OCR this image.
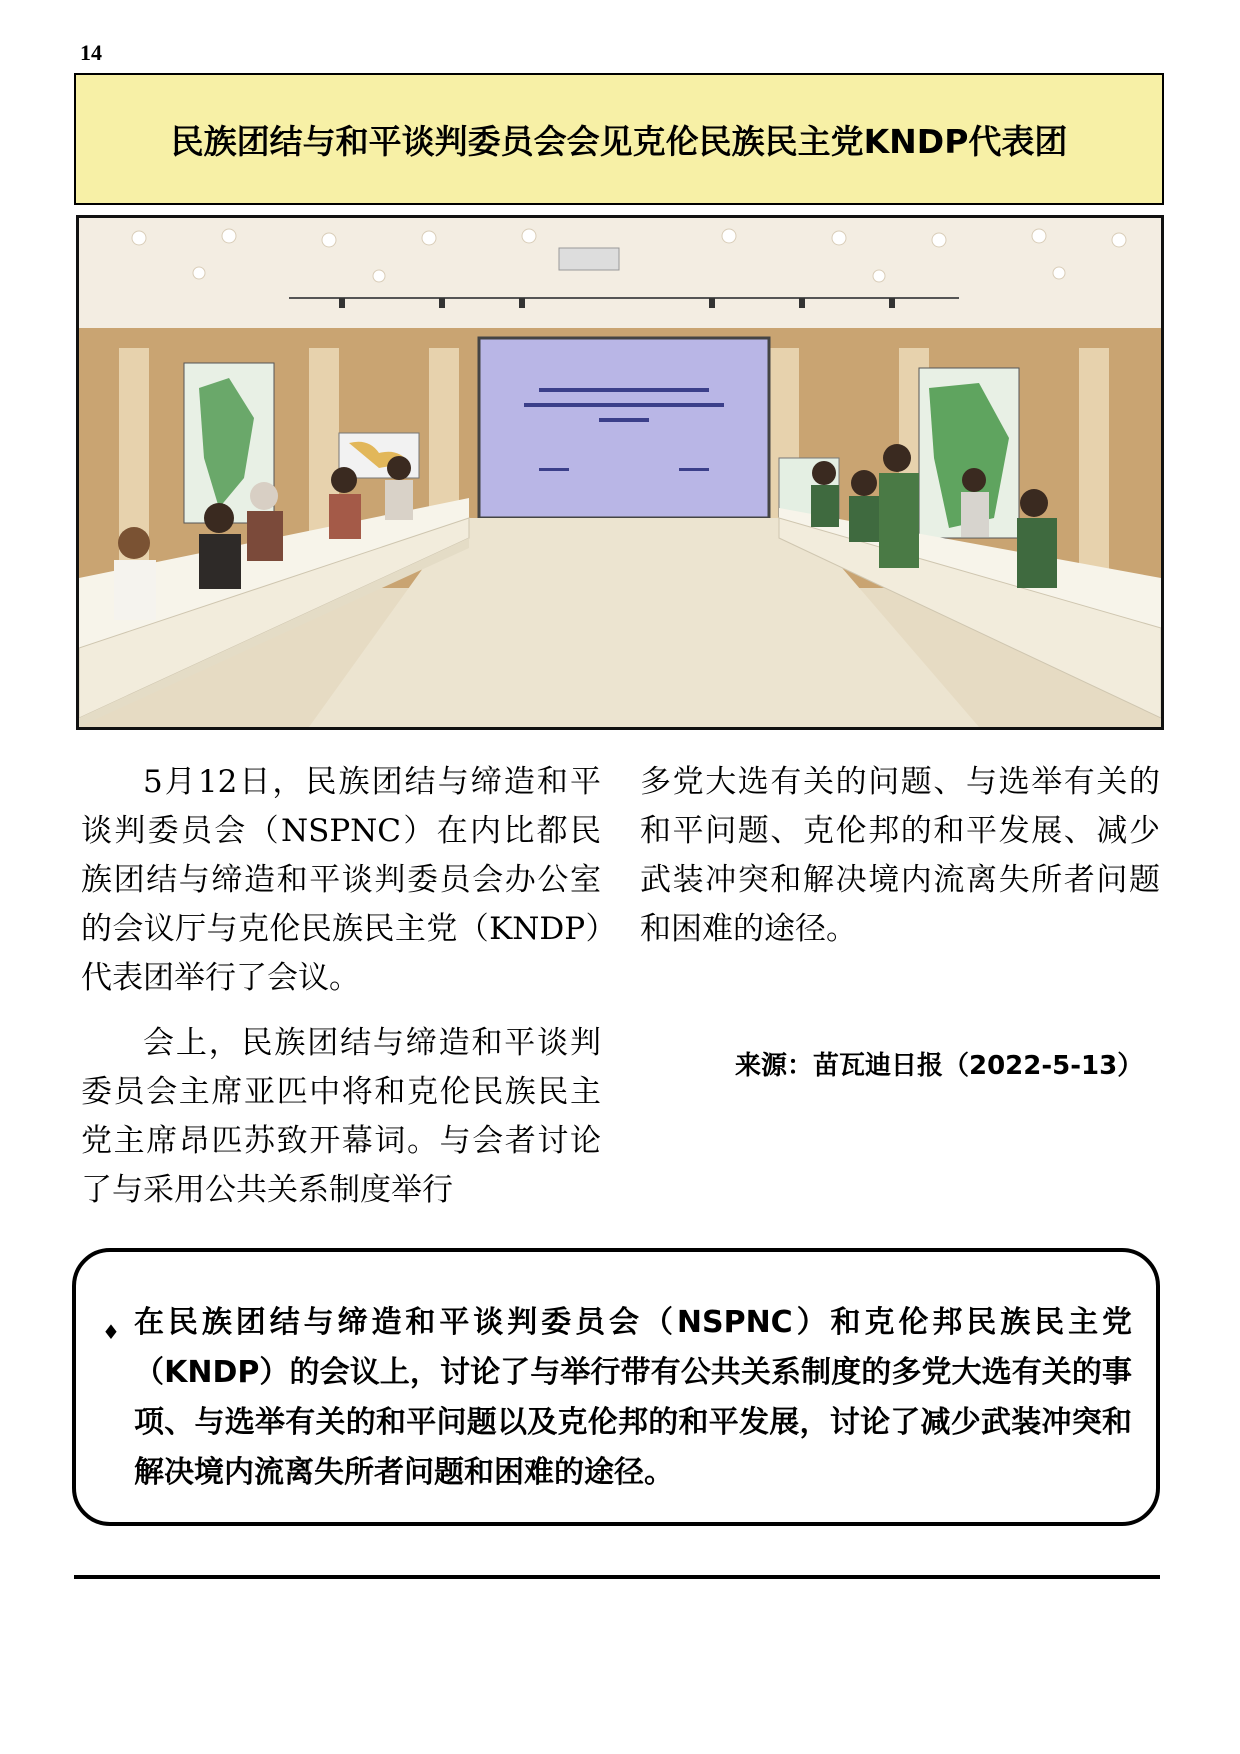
14
民族团结与和平谈判委员会会见克伦民族民主党KNDP代表团

5月12日，民族团结与缔造和平谈判委员会（NSPNC）在内比都民族团结与缔造和平谈判委员会办公室的会议厅与克伦民族民主党（KNDP）代表团举行了会议。

会上，民族团结与缔造和平谈判委员会主席亚匹中将和克伦民族民主党主席昂匹苏致开幕词。与会者讨论了与采用公共关系制度举行

多党大选有关的问题、与选举有关的和平问题、克伦邦的和平发展、减少武装冲突和解决境内流离失所者问题和困难的途径。

来源：苗瓦迪日报（2022-5-13）
♦ 在民族团结与缔造和平谈判委员会（NSPNC）和克伦邦民族民主党（KNDP）的会议上，讨论了与举行带有公共关系制度的多党大选有关的事项、与选举有关的和平问题以及克伦邦的和平发展，讨论了减少武装冲突和解决境内流离失所者问题和困难的途径。
